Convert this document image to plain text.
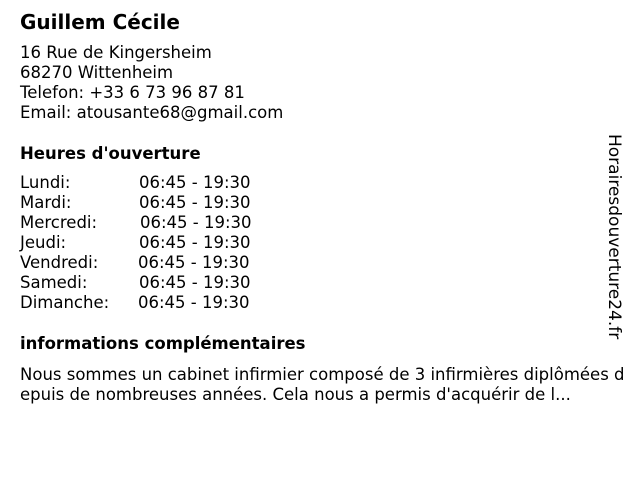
Guillem Cécile
16 Rue de Kingersheim
68270 Wittenheim
Telefon: +33 6 73 96 87 81
Email: atousante68@gmail.com
Heures d'ouverture
Lundi:	06:45 - 19:30
Mardi:	06:45 - 19:30
Mercredi:	06:45 - 19:30
Jeudi:	06:45 - 19:30
Vendredi: 06:45 - 19:30
Samedi:	06:45 - 19:30
Dimanche: 06:45 - 19:30
informations complémentaires
Nous sommes un cabinet infirmier composé de 3 infirmières diplômées depuis de nombreuses années. Cela nous a permis d'acquérir de l...
Horairesdouverture24.fr
